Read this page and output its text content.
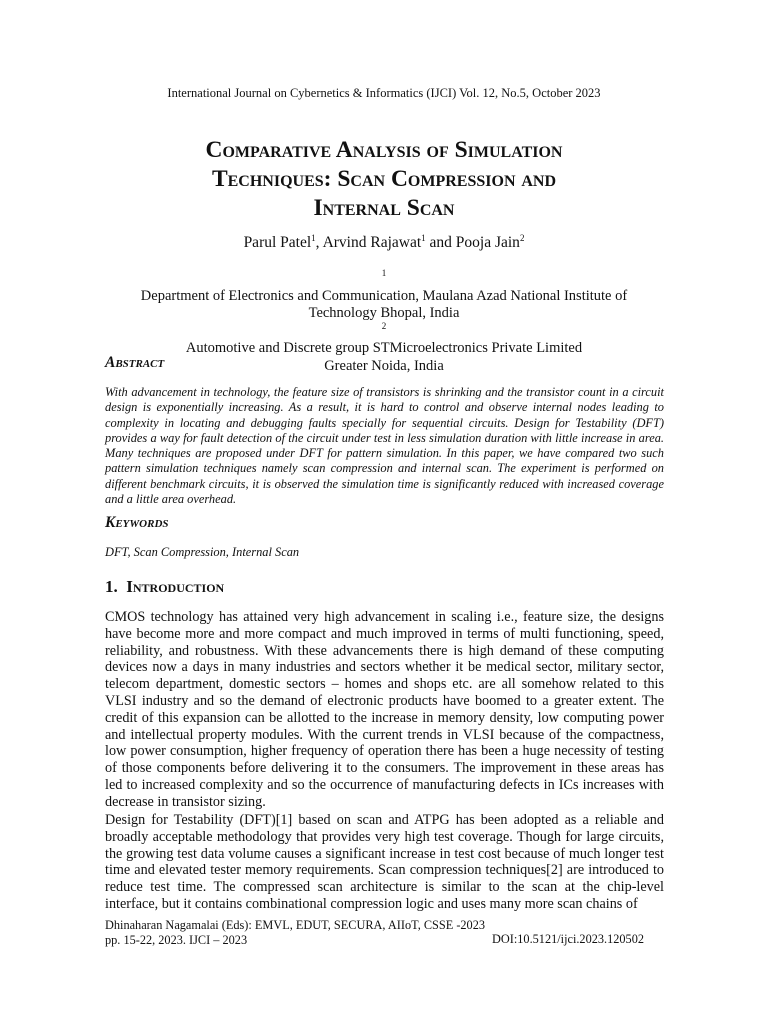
International Journal on Cybernetics & Informatics (IJCI) Vol. 12, No.5, October 2023
Comparative Analysis of Simulation
Techniques: Scan Compression and
Internal Scan
Parul Patel$^1$, Arvind Rajawat$^1$ and Pooja Jain$^2$
$^1$
Department of Electronics and Communication, Maulana Azad National Institute of
Technology Bhopal, India
$^2$
Automotive and Discrete group STMicroelectronics Private Limited
Greater Noida, India
Abstract
With advancement in technology, the feature size of transistors is shrinking and the transistor count in a circuit design is exponentially increasing. As a result, it is hard to control and observe internal nodes leading to complexity in locating and debugging faults specially for sequential circuits. Design for Testability (DFT) provides a way for fault detection of the circuit under test in less simulation duration with little increase in area. Many techniques are proposed under DFT for pattern simulation. In this paper, we have compared two such pattern simulation techniques namely scan compression and internal scan. The experiment is performed on different benchmark circuits, it is observed the simulation time is significantly reduced with increased coverage and a little area overhead.
Keywords
DFT, Scan Compression, Internal Scan
1. Introduction
CMOS technology has attained very high advancement in scaling i.e., feature size, the designs have become more and more compact and much improved in terms of multi functioning, speed, reliability, and robustness. With these advancements there is high demand of these computing devices now a days in many industries and sectors whether it be medical sector, military sector, telecom department, domestic sectors – homes and shops etc. are all somehow related to this VLSI industry and so the demand of electronic products have boomed to a greater extent. The credit of this expansion can be allotted to the increase in memory density, low computing power and intellectual property modules. With the current trends in VLSI because of the compactness, low power consumption, higher frequency of operation there has been a huge necessity of testing of those components before delivering it to the consumers. The improvement in these areas has led to increased complexity and so the occurrence of manufacturing defects in ICs increases with decrease in transistor sizing.
Design for Testability (DFT)[1] based on scan and ATPG has been adopted as a reliable and broadly acceptable methodology that provides very high test coverage. Though for large circuits, the growing test data volume causes a significant increase in test cost because of much longer test time and elevated tester memory requirements. Scan compression techniques[2] are introduced to reduce test time. The compressed scan architecture is similar to the scan at the chip-level interface, but it contains combinational compression logic and uses many more scan chains of
Dhinaharan Nagamalai (Eds): EMVL, EDUT, SECURA, AIIoT, CSSE -2023
pp. 15-22, 2023. IJCI – 2023	DOI:10.5121/ijci.2023.120502
